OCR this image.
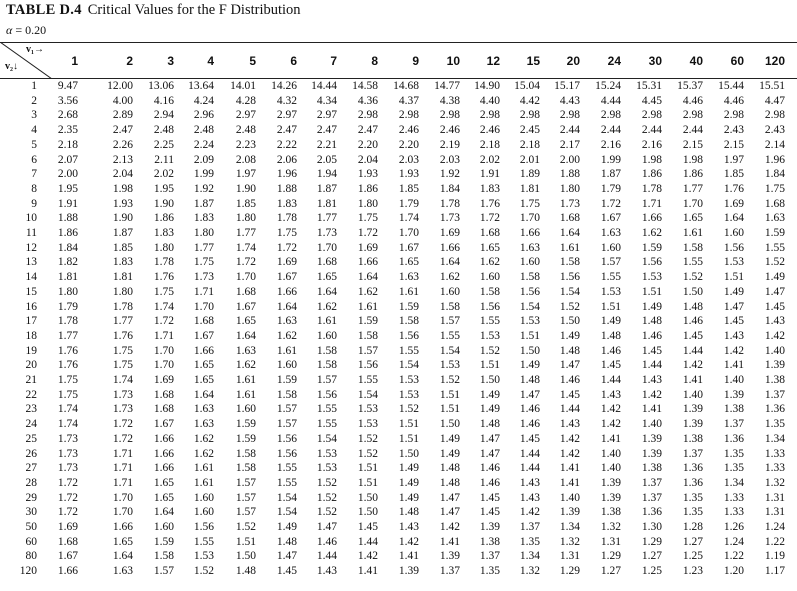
TABLE D.4 Critical Values for the F Distribution
α = 0.20
v₁→
v₂↓	1	2	3	4	5	6	7	8	9	10	12	15	20	24	30	40	60	120
1	9.47	12.00	13.06	13.64	14.01	14.26	14.44	14.58	14.68	14.77	14.90	15.04	15.17	15.24	15.31	15.37	15.44	15.51
2	3.56	4.00	4.16	4.24	4.28	4.32	4.34	4.36	4.37	4.38	4.40	4.42	4.43	4.44	4.45	4.46	4.46	4.47
3	2.68	2.89	2.94	2.96	2.97	2.97	2.97	2.98	2.98	2.98	2.98	2.98	2.98	2.98	2.98	2.98	2.98	2.98
4	2.35	2.47	2.48	2.48	2.48	2.47	2.47	2.47	2.46	2.46	2.46	2.45	2.44	2.44	2.44	2.44	2.43	2.43
5	2.18	2.26	2.25	2.24	2.23	2.22	2.21	2.20	2.20	2.19	2.18	2.18	2.17	2.16	2.16	2.15	2.15	2.14
6	2.07	2.13	2.11	2.09	2.08	2.06	2.05	2.04	2.03	2.03	2.02	2.01	2.00	1.99	1.98	1.98	1.97	1.96
7	2.00	2.04	2.02	1.99	1.97	1.96	1.94	1.93	1.93	1.92	1.91	1.89	1.88	1.87	1.86	1.86	1.85	1.84
8	1.95	1.98	1.95	1.92	1.90	1.88	1.87	1.86	1.85	1.84	1.83	1.81	1.80	1.79	1.78	1.77	1.76	1.75
9	1.91	1.93	1.90	1.87	1.85	1.83	1.81	1.80	1.79	1.78	1.76	1.75	1.73	1.72	1.71	1.70	1.69	1.68
10	1.88	1.90	1.86	1.83	1.80	1.78	1.77	1.75	1.74	1.73	1.72	1.70	1.68	1.67	1.66	1.65	1.64	1.63
11	1.86	1.87	1.83	1.80	1.77	1.75	1.73	1.72	1.70	1.69	1.68	1.66	1.64	1.63	1.62	1.61	1.60	1.59
12	1.84	1.85	1.80	1.77	1.74	1.72	1.70	1.69	1.67	1.66	1.65	1.63	1.61	1.60	1.59	1.58	1.56	1.55
13	1.82	1.83	1.78	1.75	1.72	1.69	1.68	1.66	1.65	1.64	1.62	1.60	1.58	1.57	1.56	1.55	1.53	1.52
14	1.81	1.81	1.76	1.73	1.70	1.67	1.65	1.64	1.63	1.62	1.60	1.58	1.56	1.55	1.53	1.52	1.51	1.49
15	1.80	1.80	1.75	1.71	1.68	1.66	1.64	1.62	1.61	1.60	1.58	1.56	1.54	1.53	1.51	1.50	1.49	1.47
16	1.79	1.78	1.74	1.70	1.67	1.64	1.62	1.61	1.59	1.58	1.56	1.54	1.52	1.51	1.49	1.48	1.47	1.45
17	1.78	1.77	1.72	1.68	1.65	1.63	1.61	1.59	1.58	1.57	1.55	1.53	1.50	1.49	1.48	1.46	1.45	1.43
18	1.77	1.76	1.71	1.67	1.64	1.62	1.60	1.58	1.56	1.55	1.53	1.51	1.49	1.48	1.46	1.45	1.43	1.42
19	1.76	1.75	1.70	1.66	1.63	1.61	1.58	1.57	1.55	1.54	1.52	1.50	1.48	1.46	1.45	1.44	1.42	1.40
20	1.76	1.75	1.70	1.65	1.62	1.60	1.58	1.56	1.54	1.53	1.51	1.49	1.47	1.45	1.44	1.42	1.41	1.39
21	1.75	1.74	1.69	1.65	1.61	1.59	1.57	1.55	1.53	1.52	1.50	1.48	1.46	1.44	1.43	1.41	1.40	1.38
22	1.75	1.73	1.68	1.64	1.61	1.58	1.56	1.54	1.53	1.51	1.49	1.47	1.45	1.43	1.42	1.40	1.39	1.37
23	1.74	1.73	1.68	1.63	1.60	1.57	1.55	1.53	1.52	1.51	1.49	1.46	1.44	1.42	1.41	1.39	1.38	1.36
24	1.74	1.72	1.67	1.63	1.59	1.57	1.55	1.53	1.51	1.50	1.48	1.46	1.43	1.42	1.40	1.39	1.37	1.35
25	1.73	1.72	1.66	1.62	1.59	1.56	1.54	1.52	1.51	1.49	1.47	1.45	1.42	1.41	1.39	1.38	1.36	1.34
26	1.73	1.71	1.66	1.62	1.58	1.56	1.53	1.52	1.50	1.49	1.47	1.44	1.42	1.40	1.39	1.37	1.35	1.33
27	1.73	1.71	1.66	1.61	1.58	1.55	1.53	1.51	1.49	1.48	1.46	1.44	1.41	1.40	1.38	1.36	1.35	1.33
28	1.72	1.71	1.65	1.61	1.57	1.55	1.52	1.51	1.49	1.48	1.46	1.43	1.41	1.39	1.37	1.36	1.34	1.32
29	1.72	1.70	1.65	1.60	1.57	1.54	1.52	1.50	1.49	1.47	1.45	1.43	1.40	1.39	1.37	1.35	1.33	1.31
30	1.72	1.70	1.64	1.60	1.57	1.54	1.52	1.50	1.48	1.47	1.45	1.42	1.39	1.38	1.36	1.35	1.33	1.31
50	1.69	1.66	1.60	1.56	1.52	1.49	1.47	1.45	1.43	1.42	1.39	1.37	1.34	1.32	1.30	1.28	1.26	1.24
60	1.68	1.65	1.59	1.55	1.51	1.48	1.46	1.44	1.42	1.41	1.38	1.35	1.32	1.31	1.29	1.27	1.24	1.22
80	1.67	1.64	1.58	1.53	1.50	1.47	1.44	1.42	1.41	1.39	1.37	1.34	1.31	1.29	1.27	1.25	1.22	1.19
120	1.66	1.63	1.57	1.52	1.48	1.45	1.43	1.41	1.39	1.37	1.35	1.32	1.29	1.27	1.25	1.23	1.20	1.17
